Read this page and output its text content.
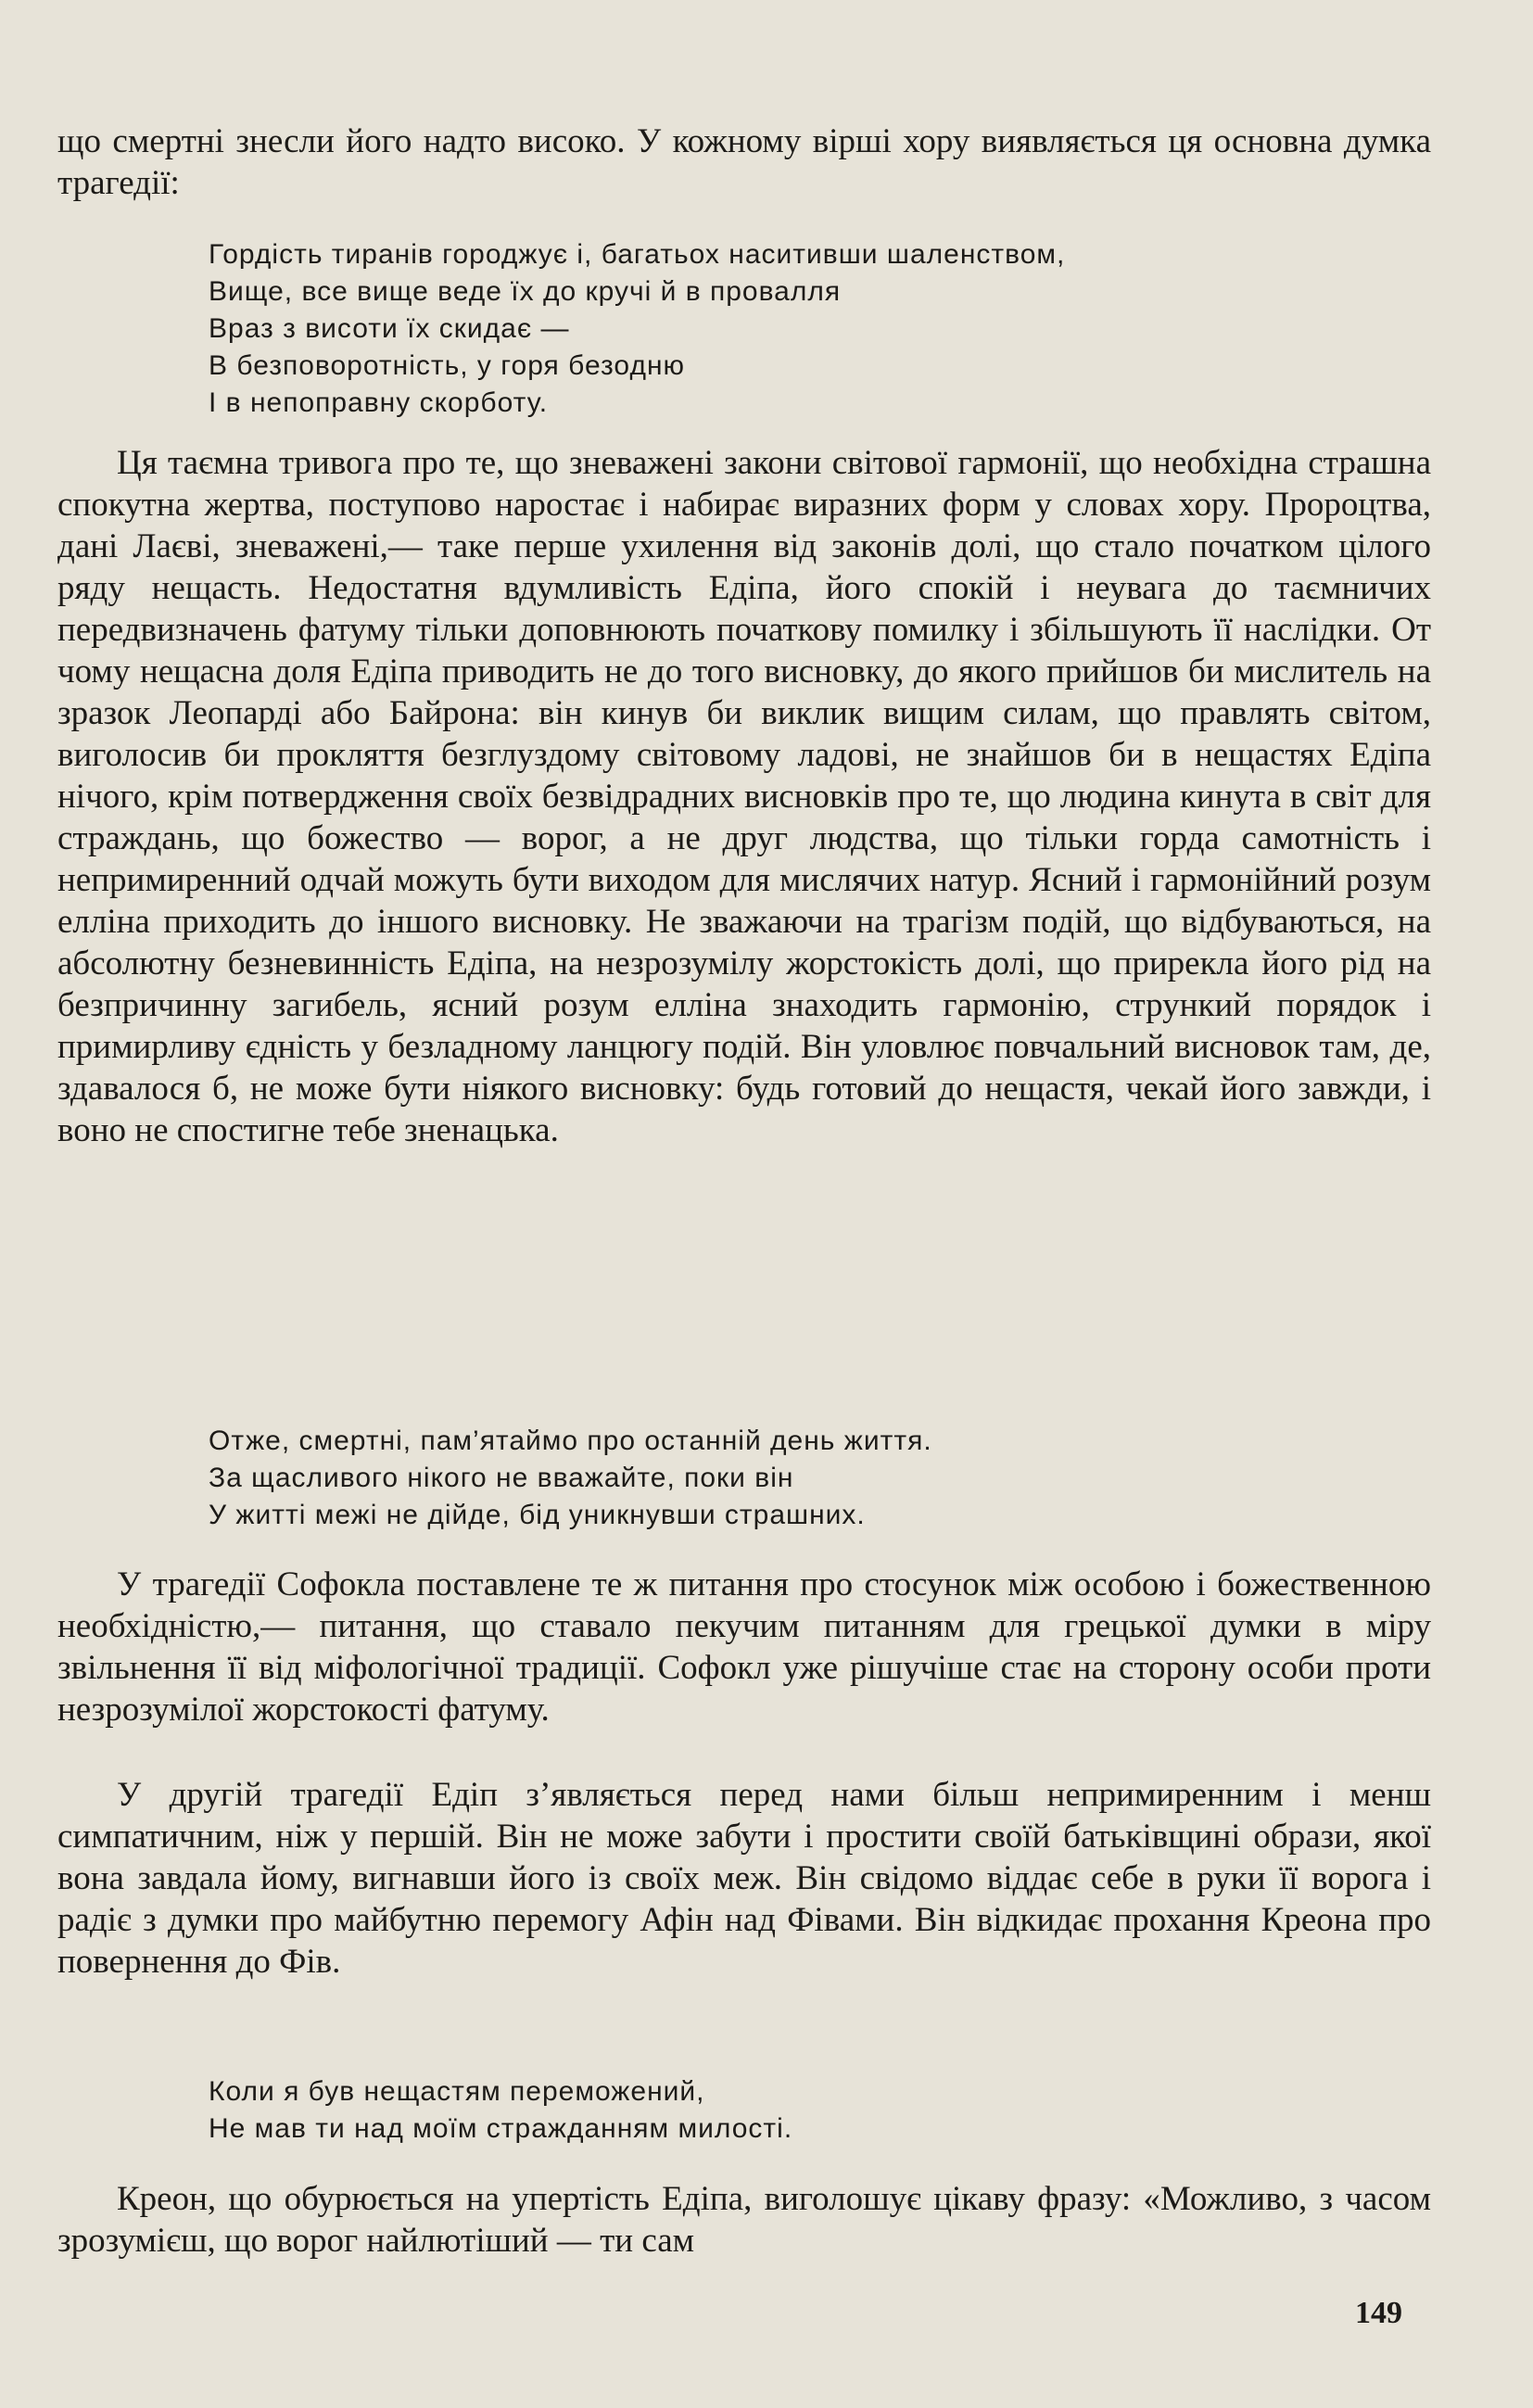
що смертні знесли його надто високо. У кожному вірші хору виявляється ця основна думка трагедії:

Гордість тиранів городжує і, багатьох наситивши шаленством,
Вище, все вище веде їх до кручі й в провалля
Враз з висоти їх скидає —
В безповоротність, у горя безодню
І в непоправну скорботу.

Ця таємна тривога про те, що зневажені закони світової гармонії, що необхідна страшна спокутна жертва, поступово наростає і набирає виразних форм у словах хору. Пророцтва, дані Лаєві, зневажені,— таке перше ухилення від законів долі, що стало початком цілого ряду нещасть. Недостатня вдумливість Едіпа, його спокій і неувага до таємничих передвизначень фатуму тільки доповнюють початкову помилку і збільшують її наслідки. От чому нещасна доля Едіпа приводить не до того висновку, до якого прийшов би мислитель на зразок Леопарді або Байрона: він кинув би виклик вищим силам, що правлять світом, виголосив би прокляття безглуздому світовому ладові, не знайшов би в нещастях Едіпа нічого, крім потвердження своїх безвідрадних висновків про те, що людина кинута в світ для страждань, що божество — ворог, а не друг людства, що тільки горда самотність і непримиренний одчай можуть бути виходом для мислячих натур. Ясний і гармонійний розум елліна приходить до іншого висновку. Не зважаючи на трагізм подій, що відбуваються, на абсолютну безневинність Едіпа, на незрозумілу жорстокість долі, що прирекла його рід на безпричинну загибель, ясний розум елліна знаходить гармонію, стрункий порядок і примирливу єдність у безладному ланцюгу подій. Він уловлює повчальний висновок там, де, здавалося б, не може бути ніякого висновку: будь готовий до нещастя, чекай його завжди, і воно не спостигне тебе зненацька.

Отже, смертні, пам’ятаймо про останній день життя.
За щасливого нікого не вважайте, поки він
У житті межі не дійде, бід уникнувши страшних.

У трагедії Софокла поставлене те ж питання про стосунок між особою і божественною необхідністю,— питання, що ставало пекучим питанням для грецької думки в міру звільнення її від міфологічної традиції. Софокл уже рішучіше стає на сторону особи проти незрозумілої жорстокості фатуму.

У другій трагедії Едіп з’являється перед нами більш непримиренним і менш симпатичним, ніж у першій. Він не може забути і простити своїй батьківщині образи, якої вона завдала йому, вигнавши його із своїх меж. Він свідомо віддає себе в руки її ворога і радіє з думки про майбутню перемогу Афін над Фівами. Він відкидає прохання Креона про повернення до Фів.

Коли я був нещастям переможений,
Не мав ти над моїм стражданням милості.

Креон, що обурюється на упертість Едіпа, виголошує цікаву фразу: «Можливо, з часом зрозумієш, що ворог найлютіший — ти сам

149
